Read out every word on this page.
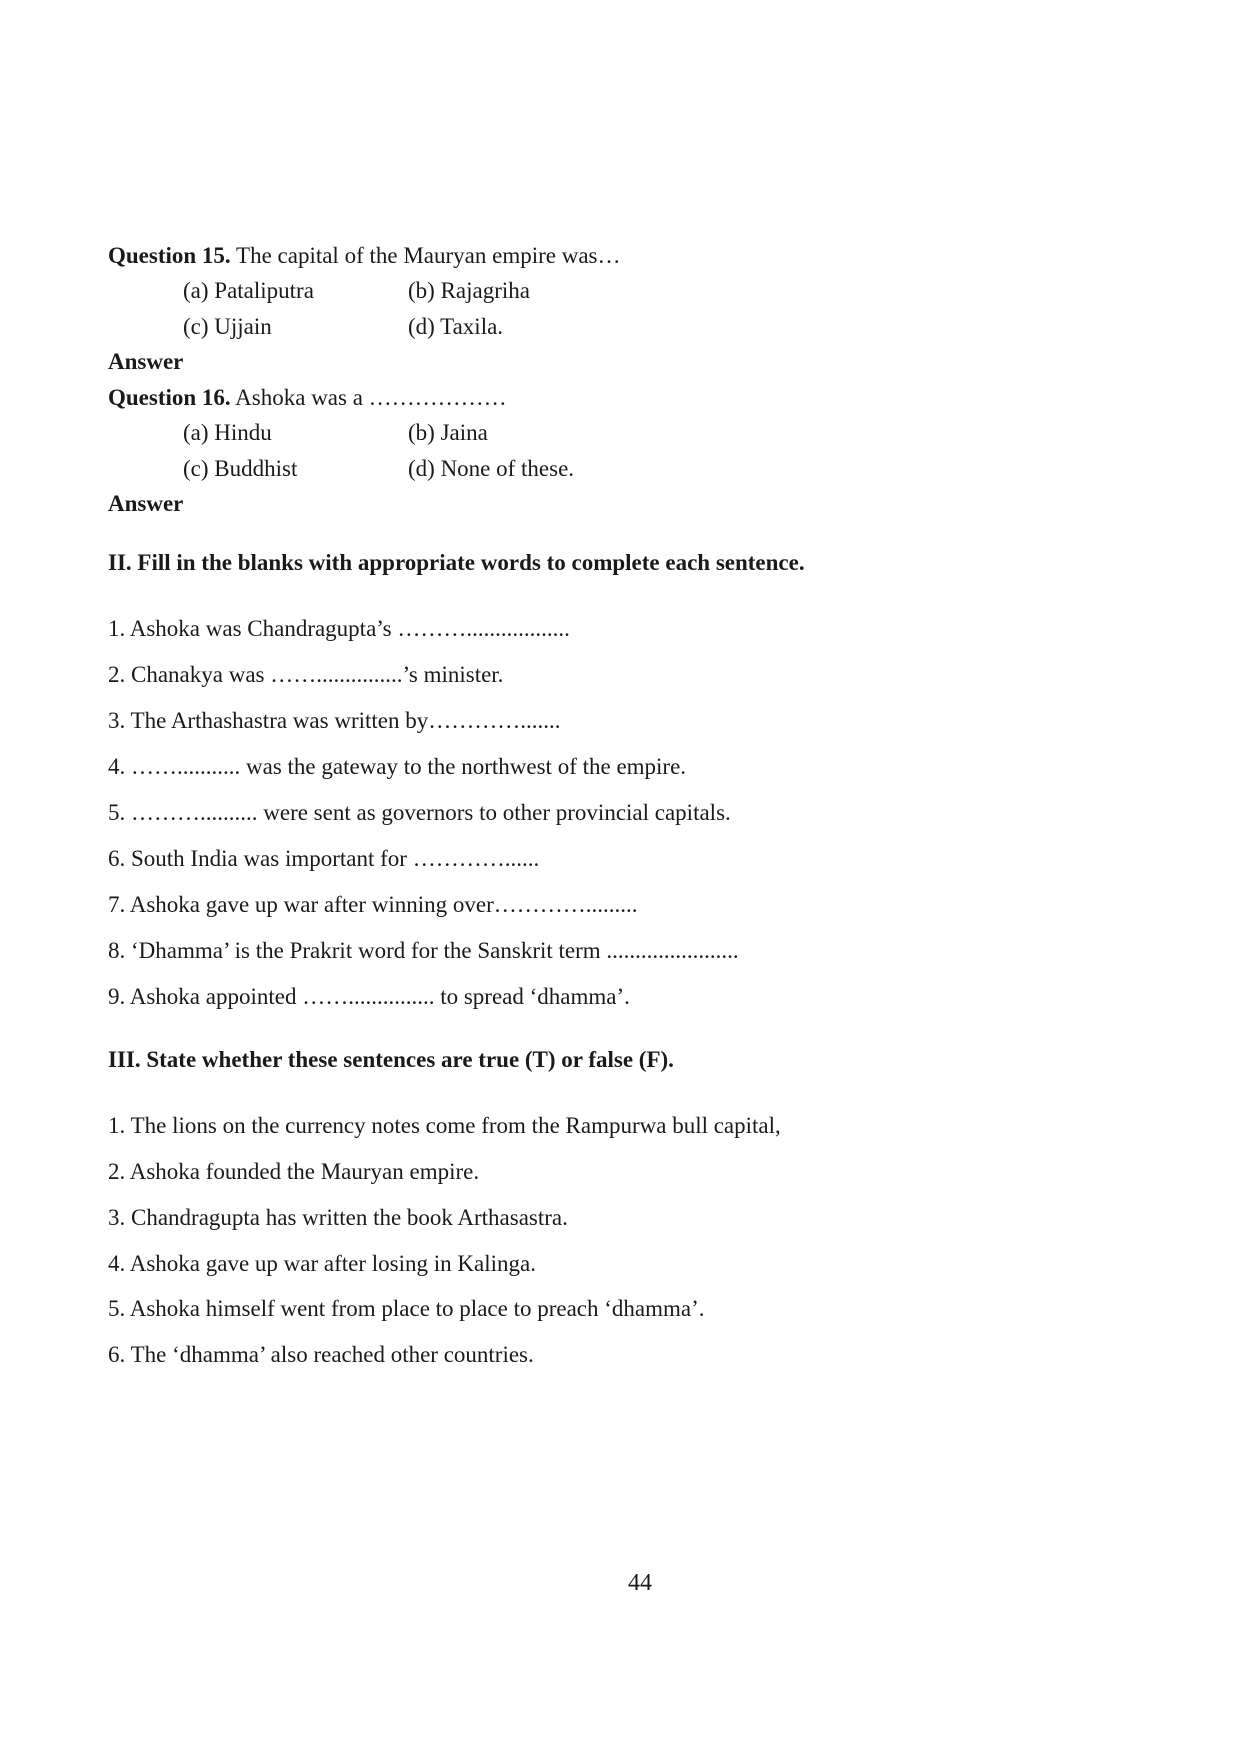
Question 15. The capital of the Mauryan empire was…
(a) Pataliputra	(b) Rajagriha
(c) Ujjain	(d) Taxila.
Answer
Question 16. Ashoka was a ………………
(a) Hindu	(b) Jaina
(c) Buddhist	(d) None of these.
Answer
II. Fill in the blanks with appropriate words to complete each sentence.
1. Ashoka was Chandragupta’s ………..................
2. Chanakya was ……...............’s minister.
3. The Arthashastra was written by………….......
4. ……........... was the gateway to the northwest of the empire.
5. ……….......... were sent as governors to other provincial capitals.
6. South India was important for …………......
7. Ashoka gave up war after winning over………….........
8. ‘Dhamma’ is the Prakrit word for the Sanskrit term .......................
9. Ashoka appointed ……............... to spread ‘dhamma’.
III. State whether these sentences are true (T) or false (F).
1. The lions on the currency notes come from the Rampurwa bull capital,
2. Ashoka founded the Mauryan empire.
3. Chandragupta has written the book Arthasastra.
4. Ashoka gave up war after losing in Kalinga.
5. Ashoka himself went from place to place to preach ‘dhamma’.
6. The ‘dhamma’ also reached other countries.
44
